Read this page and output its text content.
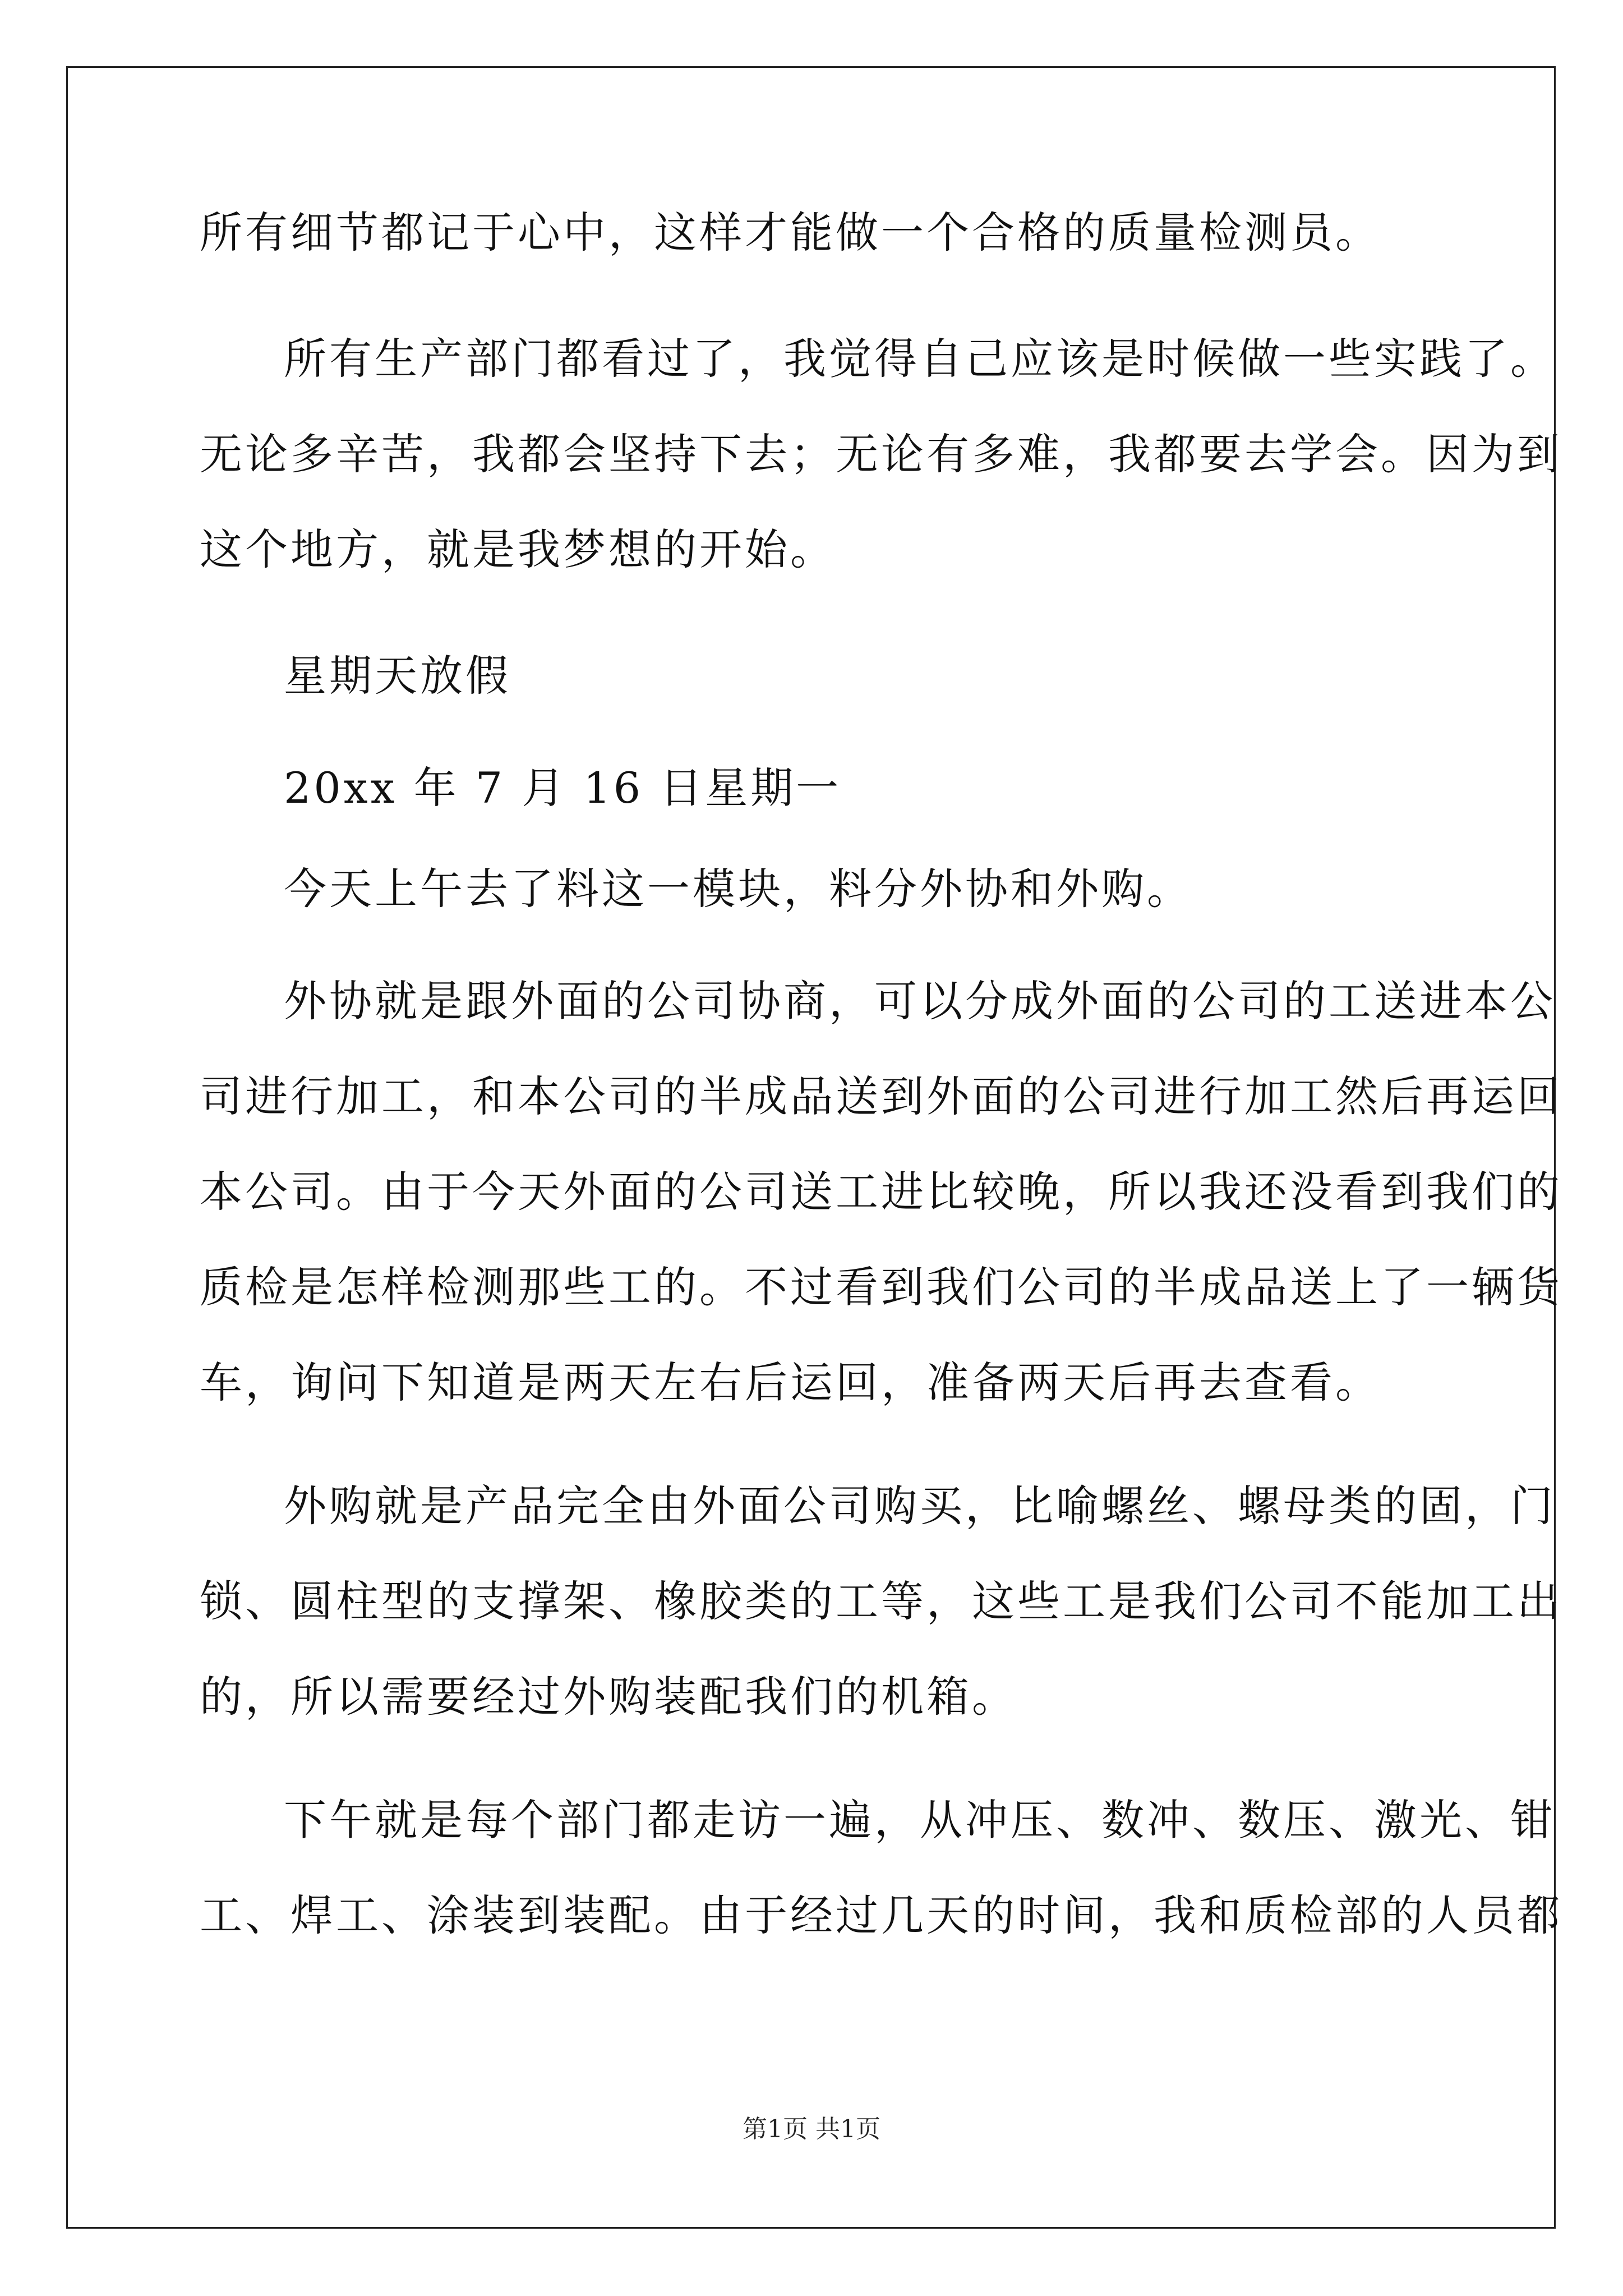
所有细节都记于心中，这样才能做一个合格的质量检测员。
所有生产部门都看过了，我觉得自己应该是时候做一些实践了。
无论多辛苦，我都会坚持下去；无论有多难，我都要去学会。因为到
这个地方，就是我梦想的开始。
星期天放假
20xx 年 7 月 16 日星期一
今天上午去了料这一模块，料分外协和外购。
外协就是跟外面的公司协商，可以分成外面的公司的工送进本公
司进行加工，和本公司的半成品送到外面的公司进行加工然后再运回
本公司。由于今天外面的公司送工进比较晚，所以我还没看到我们的
质检是怎样检测那些工的。不过看到我们公司的半成品送上了一辆货
车，询问下知道是两天左右后运回，准备两天后再去查看。
外购就是产品完全由外面公司购买，比喻螺丝、螺母类的固，门
锁、圆柱型的支撑架、橡胶类的工等，这些工是我们公司不能加工出
的，所以需要经过外购装配我们的机箱。
下午就是每个部门都走访一遍，从冲压、数冲、数压、激光、钳
工、焊工、涂装到装配。由于经过几天的时间，我和质检部的人员都
第1页 共1页
